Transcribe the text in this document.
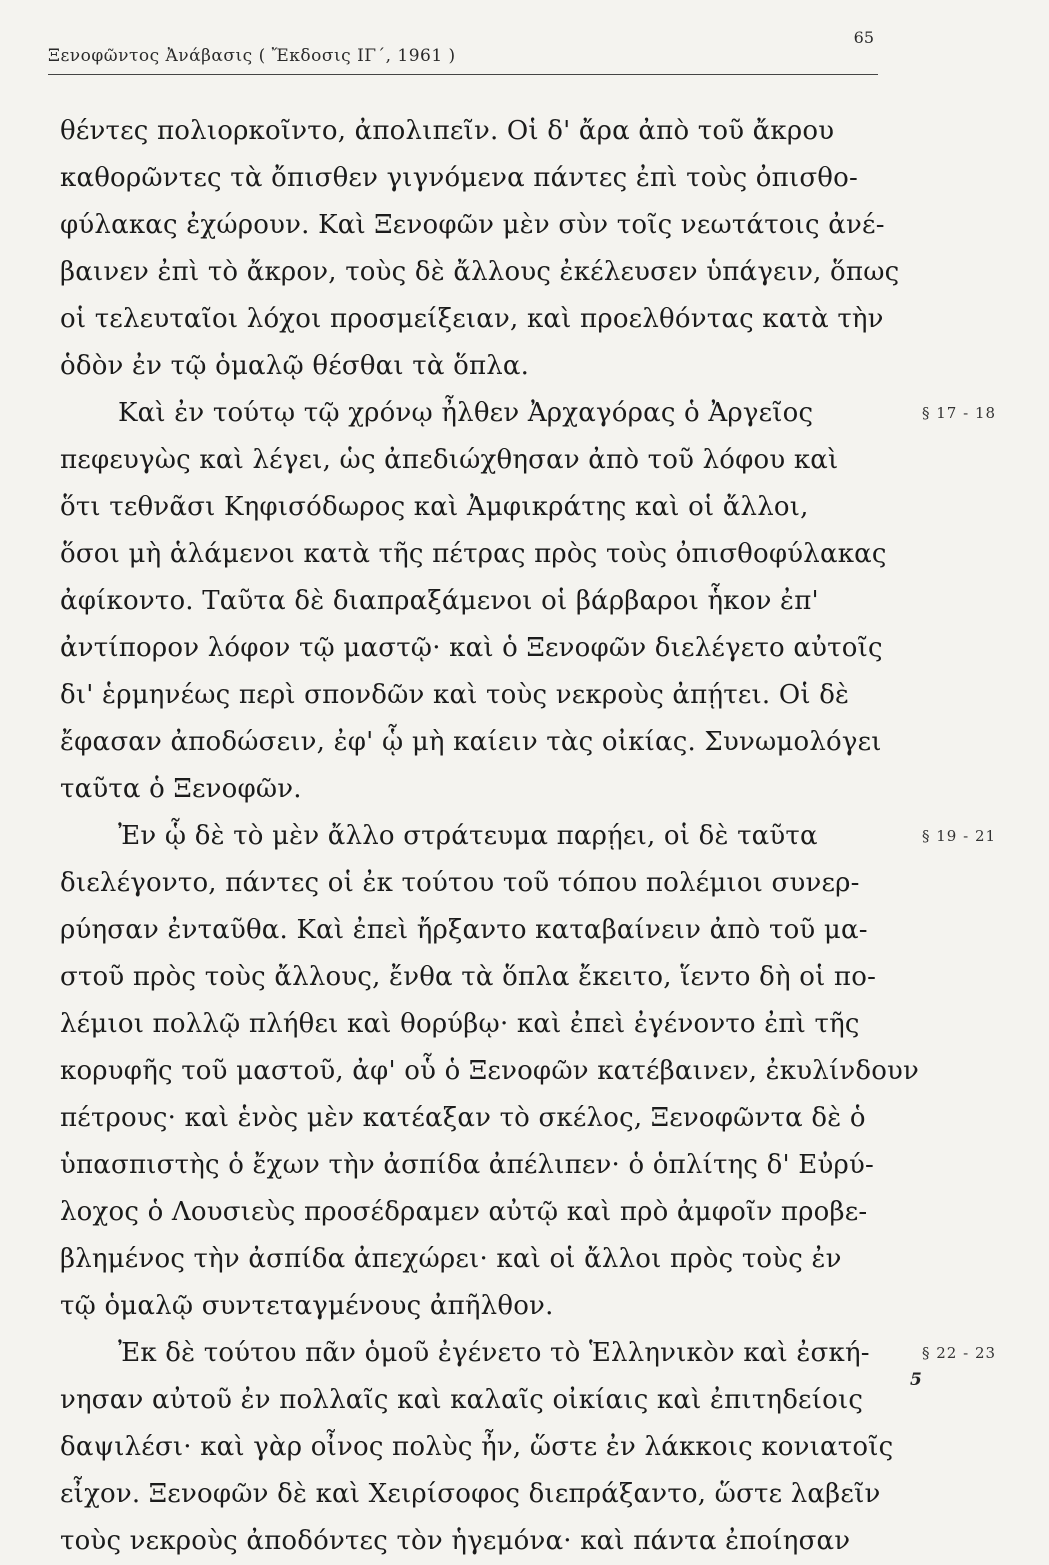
Ξενοφῶντος Ἀνάβασις ( Ἔκδοσις ΙΓ΄, 1961 )
65
θέντες πολιορκοῖντο, ἀπολιπεῖν. Οἱ δ' ἄρα ἀπὸ τοῦ ἄκρου
καθορῶντες τὰ ὄπισθεν γιγνόμενα πάντες ἐπὶ τοὺς ὀπισθο-
φύλακας ἐχώρουν. Καὶ Ξενοφῶν μὲν σὺν τοῖς νεωτάτοις ἀνέ-
βαινεν ἐπὶ τὸ ἄκρον, τοὺς δὲ ἄλλους ἐκέλευσεν ὑπάγειν, ὅπως
οἱ τελευταῖοι λόχοι προσμείξειαν, καὶ προελθόντας κατὰ τὴν
ὁδὸν ἐν τῷ ὁμαλῷ θέσθαι τὰ ὅπλα.
Καὶ ἐν τούτῳ τῷ χρόνῳ ἦλθεν Ἀρχαγόρας ὁ Ἀργεῖος	§ 17 - 18
πεφευγὼς καὶ λέγει, ὡς ἀπεδιώχθησαν ἀπὸ τοῦ λόφου καὶ
ὅτι τεθνᾶσι Κηφισόδωρος καὶ Ἀμφικράτης καὶ οἱ ἄλλοι,
ὅσοι μὴ ἁλάμενοι κατὰ τῆς πέτρας πρὸς τοὺς ὀπισθοφύλακας
ἀφίκοντο. Ταῦτα δὲ διαπραξάμενοι οἱ βάρβαροι ἧκον ἐπ'
ἀντίπορον λόφον τῷ μαστῷ· καὶ ὁ Ξενοφῶν διελέγετο αὐτοῖς
δι' ἑρμηνέως περὶ σπονδῶν καὶ τοὺς νεκροὺς ἀπῄτει. Οἱ δὲ
ἔφασαν ἀποδώσειν, ἐφ' ᾧ μὴ καίειν τὰς οἰκίας. Συνωμολόγει
ταῦτα ὁ Ξενοφῶν.
Ἐν ᾧ δὲ τὸ μὲν ἄλλο στράτευμα παρῄει, οἱ δὲ ταῦτα	§ 19 - 21
διελέγοντο, πάντες οἱ ἐκ τούτου τοῦ τόπου πολέμιοι συνερ-
ρύησαν ἐνταῦθα. Καὶ ἐπεὶ ἤρξαντο καταβαίνειν ἀπὸ τοῦ μα-
στοῦ πρὸς τοὺς ἄλλους, ἔνθα τὰ ὅπλα ἔκειτο, ἵεντο δὴ οἱ πο-
λέμιοι πολλῷ πλήθει καὶ θορύβῳ· καὶ ἐπεὶ ἐγένοντο ἐπὶ τῆς
κορυφῆς τοῦ μαστοῦ, ἀφ' οὗ ὁ Ξενοφῶν κατέβαινεν, ἐκυλίνδουν
πέτρους· καὶ ἑνὸς μὲν κατέαξαν τὸ σκέλος, Ξενοφῶντα δὲ ὁ
ὑπασπιστὴς ὁ ἔχων τὴν ἀσπίδα ἀπέλιπεν· ὁ ὁπλίτης δ' Εὐρύ-
λοχος ὁ Λουσιεὺς προσέδραμεν αὐτῷ καὶ πρὸ ἀμφοῖν προβε-
βλημένος τὴν ἀσπίδα ἀπεχώρει· καὶ οἱ ἄλλοι πρὸς τοὺς ἐν
τῷ ὁμαλῷ συντεταγμένους ἀπῆλθον.
Ἐκ δὲ τούτου πᾶν ὁμοῦ ἐγένετο τὸ Ἑλληνικὸν καὶ ἐσκή-	§ 22 - 23
νησαν αὐτοῦ ἐν πολλαῖς καὶ καλαῖς οἰκίαις καὶ ἐπιτηδείοις
δαψιλέσι· καὶ γὰρ οἶνος πολὺς ἦν, ὥστε ἐν λάκκοις κονιατοῖς
εἶχον. Ξενοφῶν δὲ καὶ Χειρίσοφος διεπράξαντο, ὥστε λαβεῖν
τοὺς νεκροὺς ἀποδόντες τὸν ἡγεμόνα· καὶ πάντα ἐποίησαν
5
